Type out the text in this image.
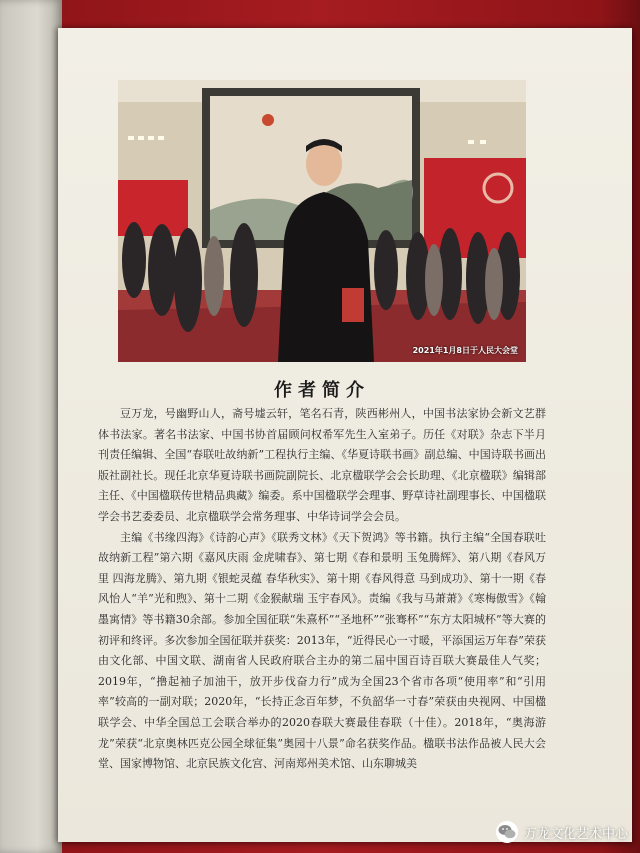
2021年1月8日于人民大会堂
作者简介

豆万龙，号幽野山人，斋号墟云轩，笔名石青，陕西彬州人，中国书法家协会新文艺群体书法家。著名书法家、中国书协首届顾问权希军先生入室弟子。历任《对联》杂志下半月刊责任编辑、全国“春联吐故纳新”工程执行主编、《华夏诗联书画》副总编、中国诗联书画出版社副社长。现任北京华夏诗联书画院副院长、北京楹联学会会长助理、《北京楹联》编辑部主任、《中国楹联传世精品典藏》编委。系中国楹联学会理事、野草诗社副理事长、中国楹联学会书艺委委员、北京楹联学会常务理事、中华诗词学会会员。

主编《书缘四海》《诗韵心声》《联秀文林》《天下贺鸿》等书籍。执行主编“全国春联吐故纳新工程”第六期《嘉风庆雨 金虎啸春》、第七期《春和景明 玉兔腾辉》、第八期《春风万里 四海龙腾》、第九期《银蛇灵蕴 春华秋实》、第十期《春风得意 马到成功》、第十一期《春风怡人“羊”光和煦》、第十二期《金猴献瑞 玉宇春风》。责编《我与马萧萧》《寒梅傲雪》《翰墨寓情》等书籍30余部。参加全国征联“朱熹杯”“圣地杯”“张骞杯”“东方太阳城杯”等大赛的初评和终评。多次参加全国征联并获奖：2013年，“近得民心一寸暖，平添国运万年春”荣获由文化部、中国文联、湖南省人民政府联合主办的第二届中国百诗百联大赛最佳人气奖；2019年，“撸起袖子加油干，放开步伐奋力行”成为全国23个省市各项“使用率”和“引用率”较高的一副对联；2020年，“长持正念百年梦，不负韶华一寸春”荣获由央视网、中国楹联学会、中华全国总工会联合举办的2020春联大赛最佳春联（十佳）。2018年，“奥海游龙”荣获“北京奥林匹克公园全球征集”奥园十八景”命名获奖作品。楹联书法作品被人民大会堂、国家博物馆、北京民族文化宫、河南郑州美术馆、山东聊城美

万龙文化艺术中心
